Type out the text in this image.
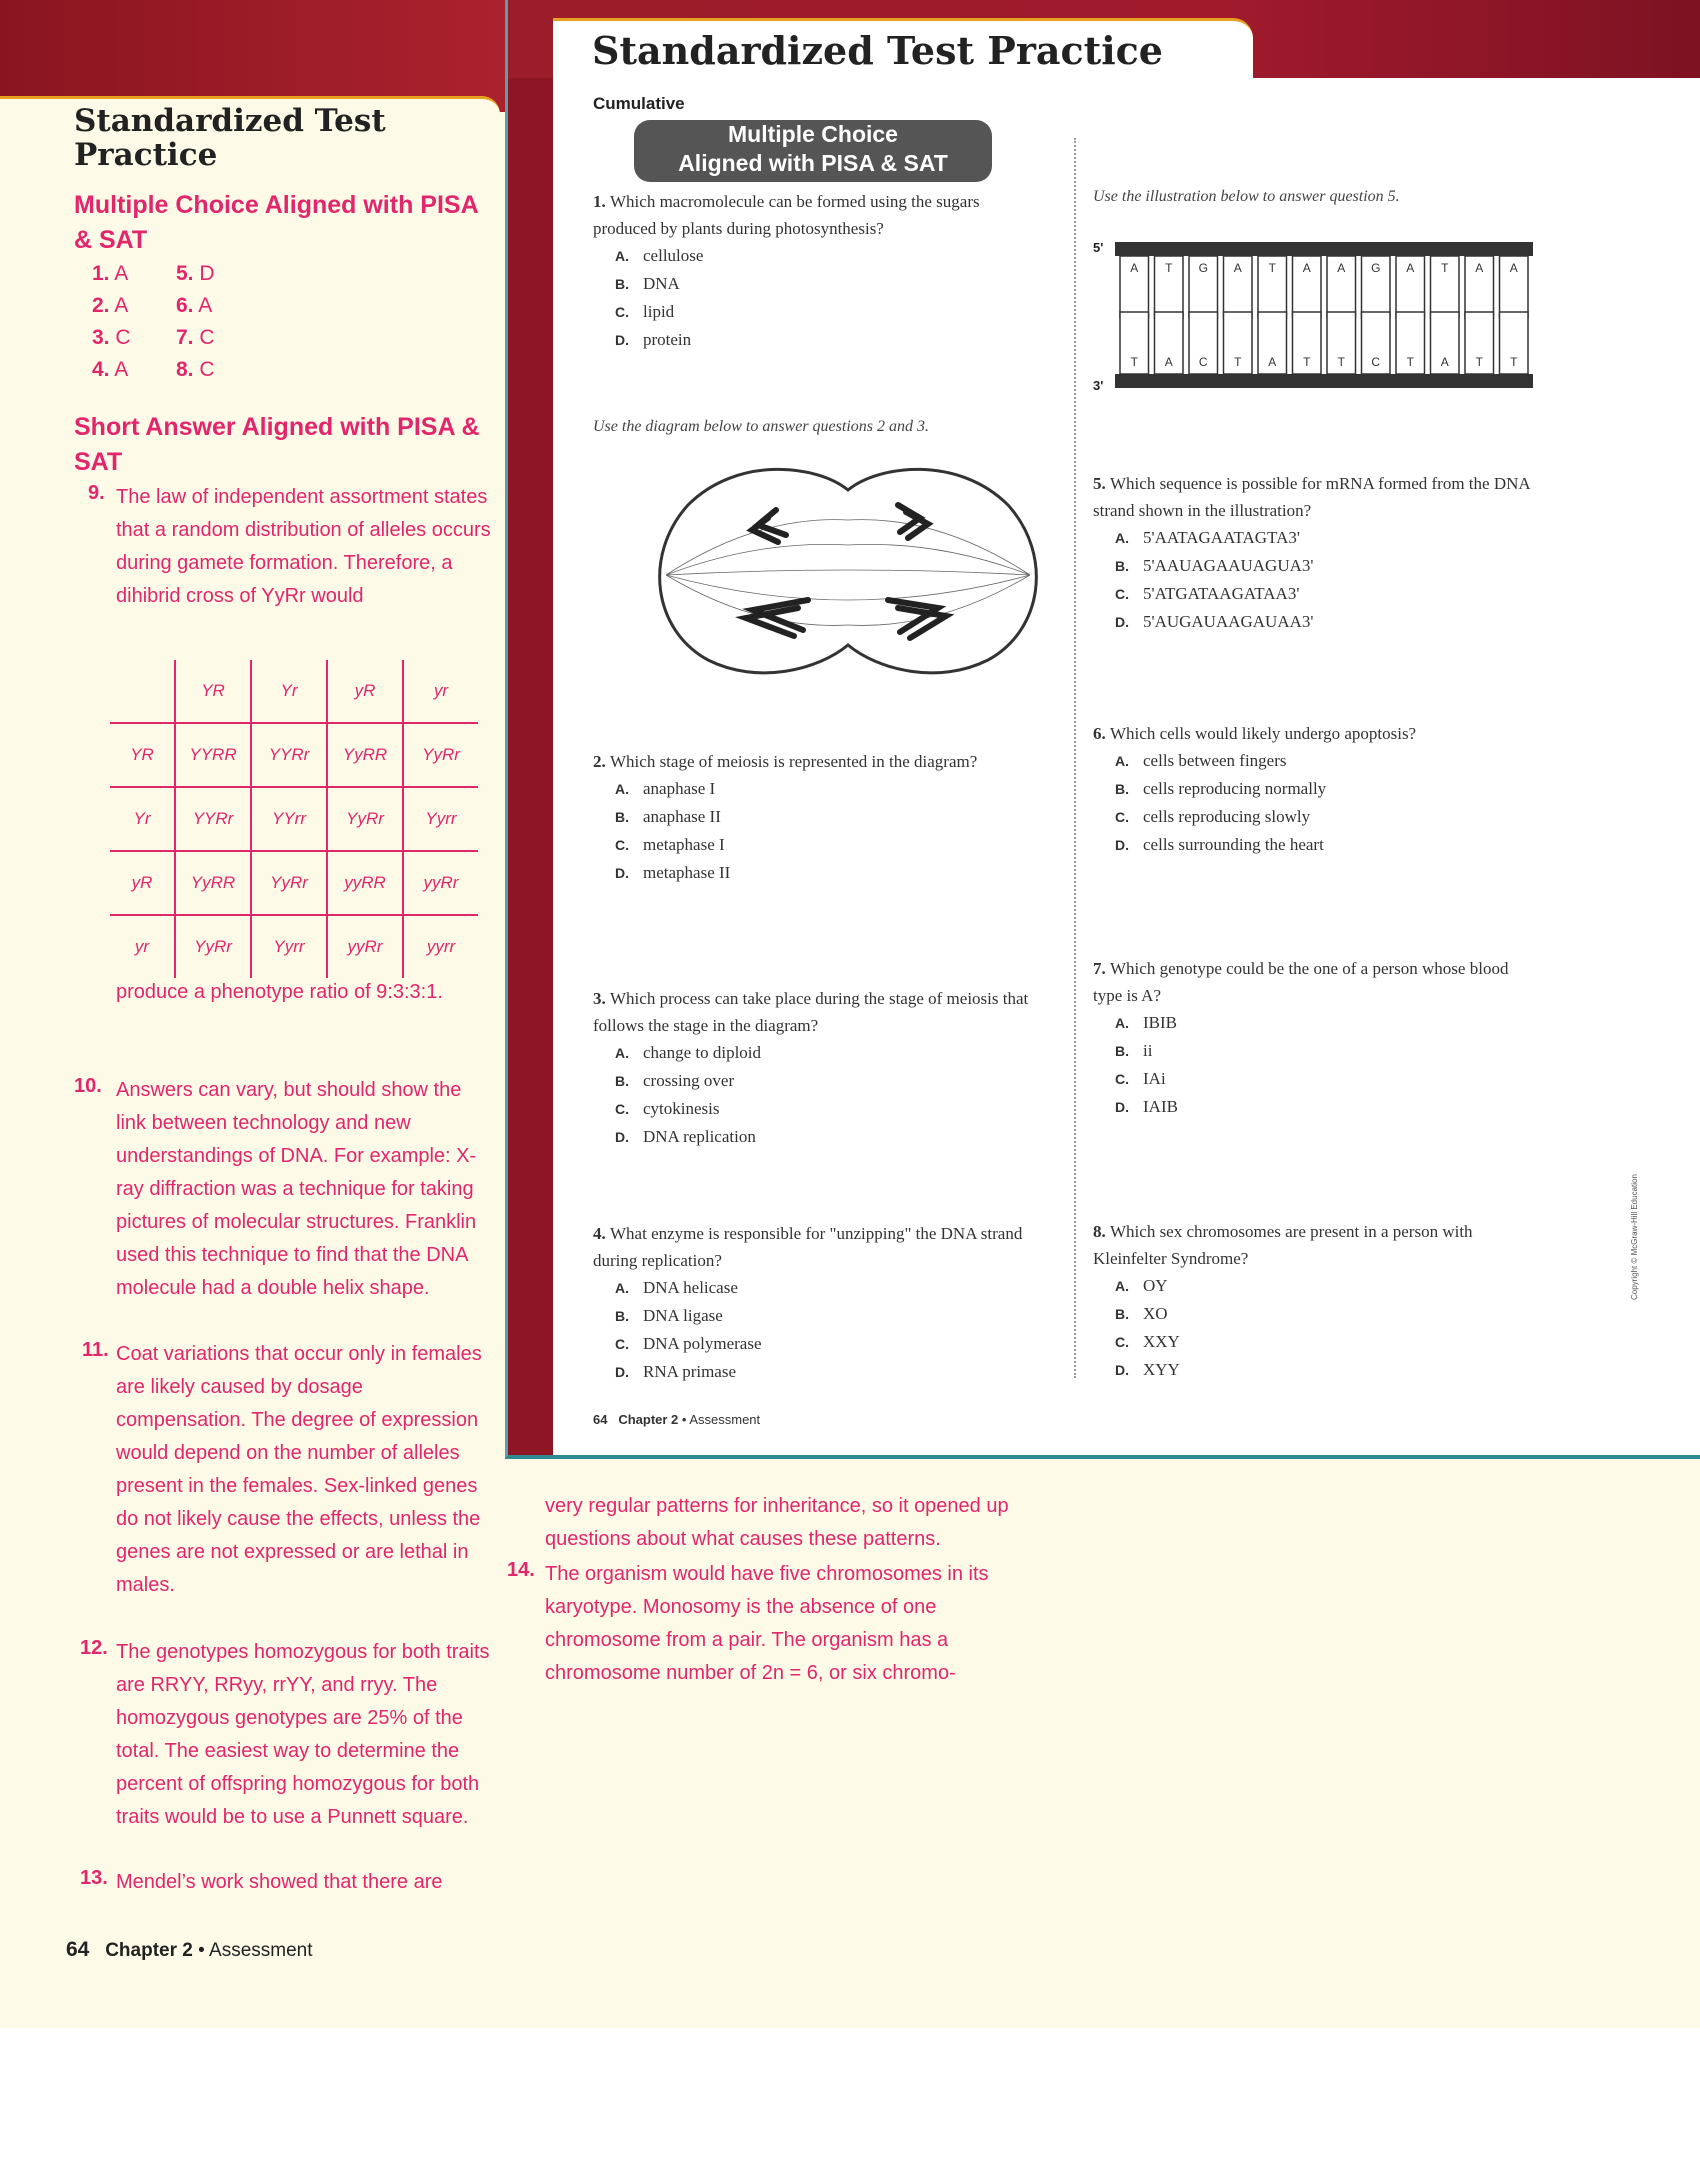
Standardized Test Practice
Multiple Choice Aligned with PISA & SAT
1. A
2. A
3. C
4. A
5. D
6. A
7. C
8. C
Short Answer Aligned with PISA & SAT
9. The law of independent assortment states that a random distribution of alleles occurs during gamete formation. Therefore, a dihibrid cross of YyRr would
	YR	Yr	yR	yr
YR	YYRR	YYRr	YyRR	YyRr
Yr	YYRr	YYrr	YyRr	Yyrr
yR	YyRR	YyRr	yyRR	yyRr
yr	YyRr	Yyrr	yyRr	yyrr
produce a phenotype ratio of 9:3:3:1.
10. Answers can vary, but should show the link between technology and new understandings of DNA. For example: X-ray diffraction was a technique for taking pictures of molecular structures. Franklin used this technique to find that the DNA molecule had a double helix shape.
11. Coat variations that occur only in females are likely caused by dosage compensation. The degree of expression would depend on the number of alleles present in the females. Sex-linked genes do not likely cause the effects, unless the genes are not expressed or are lethal in males.
12. The genotypes homozygous for both traits are RRYY, RRyy, rrYY, and rryy. The homozygous genotypes are 25% of the total. The easiest way to determine the percent of offspring homozygous for both traits would be to use a Punnett square.
13. Mendel’s work showed that there are
64 Chapter 2 • Assessment
Standardized Test Practice
Cumulative
Multiple Choice
Aligned with PISA & SAT
1. Which macromolecule can be formed using the sugars produced by plants during photosynthesis?
A. cellulose
B. DNA
C. lipid
D. protein
Use the diagram below to answer questions 2 and 3.
2. Which stage of meiosis is represented in the diagram?
A. anaphase I
B. anaphase II
C. metaphase I
D. metaphase II
3. Which process can take place during the stage of meiosis that follows the stage in the diagram?
A. change to diploid
B. crossing over
C. cytokinesis
D. DNA replication
4. What enzyme is responsible for "unzipping" the DNA strand during replication?
A. DNA helicase
B. DNA ligase
C. DNA polymerase
D. RNA primase
Use the illustration below to answer question 5.
5'
3'
A
T
T
A
G
C
A
T
T
A
A
T
A
T
G
C
A
T
T
A
A
T
A
T
5. Which sequence is possible for mRNA formed from the DNA strand shown in the illustration?
A. 5'AATAGAATAGTA3'
B. 5'AAUAGAAUAGUA3'
C. 5'ATGATAAGATAA3'
D. 5'AUGAUAAGAUAA3'
6. Which cells would likely undergo apoptosis?
A. cells between fingers
B. cells reproducing normally
C. cells reproducing slowly
D. cells surrounding the heart
7. Which genotype could be the one of a person whose blood type is A?
A. IBIB
B. ii
C. IAi
D. IAIB
8. Which sex chromosomes are present in a person with Kleinfelter Syndrome?
A. OY
B. XO
C. XXY
D. XYY
64 Chapter 2 • Assessment
Copyright © McGraw-Hill Education
very regular patterns for inheritance, so it opened up questions about what causes these patterns.
14. The organism would have five chromosomes in its karyotype. Monosomy is the absence of one chromosome from a pair. The organism has a chromosome number of 2n = 6, or six chromo-
